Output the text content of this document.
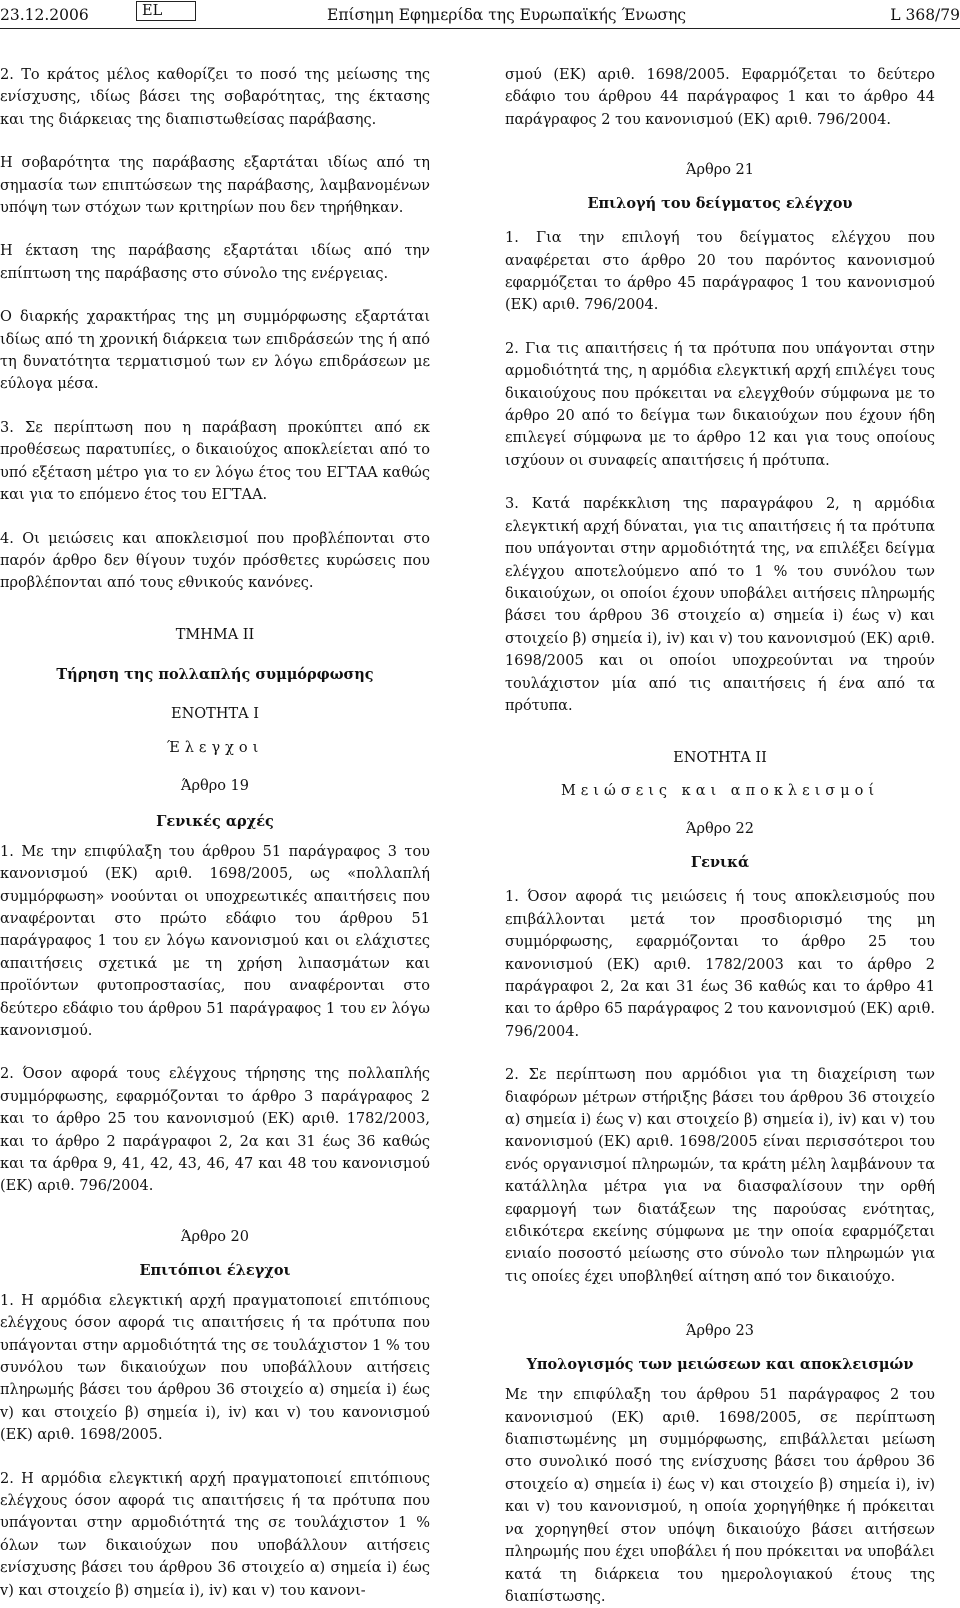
23.12.2006	EL	Επίσημη Εφημερίδα της Ευρωπαϊκής Ένωσης	L 368/79

2. Το κράτος μέλος καθορίζει το ποσό της μείωσης της ενίσχυσης, ιδίως βάσει της σοβαρότητας, της έκτασης και της διάρκειας της διαπιστωθείσας παράβασης.

Η σοβαρότητα της παράβασης εξαρτάται ιδίως από τη σημασία των επιπτώσεων της παράβασης, λαμβανομένων υπόψη των στόχων των κριτηρίων που δεν τηρήθηκαν.

Η έκταση της παράβασης εξαρτάται ιδίως από την επίπτωση της παράβασης στο σύνολο της ενέργειας.

Ο διαρκής χαρακτήρας της μη συμμόρφωσης εξαρτάται ιδίως από τη χρονική διάρκεια των επιδράσεών της ή από τη δυνατότητα τερματισμού των εν λόγω επιδράσεων με εύλογα μέσα.

3. Σε περίπτωση που η παράβαση προκύπτει από εκ προθέσεως παρατυπίες, ο δικαιούχος αποκλείεται από το υπό εξέταση μέτρο για το εν λόγω έτος του ΕΓΤΑΑ καθώς και για το επόμενο έτος του ΕΓΤΑΑ.

4. Οι μειώσεις και αποκλεισμοί που προβλέπονται στο παρόν άρθρο δεν θίγουν τυχόν πρόσθετες κυρώσεις που προβλέπονται από τους εθνικούς κανόνες.

ΤΜΗΜΑ II

Τήρηση της πολλαπλής συμμόρφωσης

ΕΝΟΤΗΤΑ I

Έλεγχοι

Άρθρο 19

Γενικές αρχές

1. Με την επιφύλαξη του άρθρου 51 παράγραφος 3 του κανονισμού (ΕΚ) αριθ. 1698/2005, ως «πολλαπλή συμμόρφωση» νοούνται οι υποχρεωτικές απαιτήσεις που αναφέρονται στο πρώτο εδάφιο του άρθρου 51 παράγραφος 1 του εν λόγω κανονισμού και οι ελάχιστες απαιτήσεις σχετικά με τη χρήση λιπασμάτων και προϊόντων φυτοπροστασίας, που αναφέρονται στο δεύτερο εδάφιο του άρθρου 51 παράγραφος 1 του εν λόγω κανονισμού.

2. Όσον αφορά τους ελέγχους τήρησης της πολλαπλής συμμόρφωσης, εφαρμόζονται το άρθρο 3 παράγραφος 2 και το άρθρο 25 του κανονισμού (ΕΚ) αριθ. 1782/2003, και το άρθρο 2 παράγραφοι 2, 2α και 31 έως 36 καθώς και τα άρθρα 9, 41, 42, 43, 46, 47 και 48 του κανονισμού (ΕΚ) αριθ. 796/2004.

Άρθρο 20

Επιτόπιοι έλεγχοι

1. Η αρμόδια ελεγκτική αρχή πραγματοποιεί επιτόπιους ελέγχους όσον αφορά τις απαιτήσεις ή τα πρότυπα που υπάγονται στην αρμοδιότητά της σε τουλάχιστον 1 % του συνόλου των δικαιούχων που υποβάλλουν αιτήσεις πληρωμής βάσει του άρθρου 36 στοιχείο α) σημεία i) έως v) και στοιχείο β) σημεία i), iv) και v) του κανονισμού (ΕΚ) αριθ. 1698/2005.

2. Η αρμόδια ελεγκτική αρχή πραγματοποιεί επιτόπιους ελέγχους όσον αφορά τις απαιτήσεις ή τα πρότυπα που υπάγονται στην αρμοδιότητά της σε τουλάχιστον 1 % όλων των δικαιούχων που υποβάλλουν αιτήσεις ενίσχυσης βάσει του άρθρου 36 στοιχείο α) σημεία i) έως v) και στοιχείο β) σημεία i), iv) και v) του κανονι-

σμού (ΕΚ) αριθ. 1698/2005. Εφαρμόζεται το δεύτερο εδάφιο του άρθρου 44 παράγραφος 1 και το άρθρο 44 παράγραφος 2 του κανονισμού (ΕΚ) αριθ. 796/2004.

Άρθρο 21

Επιλογή του δείγματος ελέγχου

1. Για την επιλογή του δείγματος ελέγχου που αναφέρεται στο άρθρο 20 του παρόντος κανονισμού εφαρμόζεται το άρθρο 45 παράγραφος 1 του κανονισμού (ΕΚ) αριθ. 796/2004.

2. Για τις απαιτήσεις ή τα πρότυπα που υπάγονται στην αρμοδιότητά της, η αρμόδια ελεγκτική αρχή επιλέγει τους δικαιούχους που πρόκειται να ελεγχθούν σύμφωνα με το άρθρο 20 από το δείγμα των δικαιούχων που έχουν ήδη επιλεγεί σύμφωνα με το άρθρο 12 και για τους οποίους ισχύουν οι συναφείς απαιτήσεις ή πρότυπα.

3. Κατά παρέκκλιση της παραγράφου 2, η αρμόδια ελεγκτική αρχή δύναται, για τις απαιτήσεις ή τα πρότυπα που υπάγονται στην αρμοδιότητά της, να επιλέξει δείγμα ελέγχου αποτελούμενο από το 1 % του συνόλου των δικαιούχων, οι οποίοι έχουν υποβάλει αιτήσεις πληρωμής βάσει του άρθρου 36 στοιχείο α) σημεία i) έως v) και στοιχείο β) σημεία i), iv) και v) του κανονισμού (ΕΚ) αριθ. 1698/2005 και οι οποίοι υποχρεούνται να τηρούν τουλάχιστον μία από τις απαιτήσεις ή ένα από τα πρότυπα.

ΕΝΟΤΗΤΑ II

Μειώσεις και αποκλεισμοί

Άρθρο 22

Γενικά

1. Όσον αφορά τις μειώσεις ή τους αποκλεισμούς που επιβάλλονται μετά τον προσδιορισμό της μη συμμόρφωσης, εφαρμόζονται το άρθρο 25 του κανονισμού (ΕΚ) αριθ. 1782/2003 και το άρθρο 2 παράγραφοι 2, 2α και 31 έως 36 καθώς και το άρθρο 41 και το άρθρο 65 παράγραφος 2 του κανονισμού (ΕΚ) αριθ. 796/2004.

2. Σε περίπτωση που αρμόδιοι για τη διαχείριση των διαφόρων μέτρων στήριξης βάσει του άρθρου 36 στοιχείο α) σημεία i) έως v) και στοιχείο β) σημεία i), iv) και v) του κανονισμού (ΕΚ) αριθ. 1698/2005 είναι περισσότεροι του ενός οργανισμοί πληρωμών, τα κράτη μέλη λαμβάνουν τα κατάλληλα μέτρα για να διασφαλίσουν την ορθή εφαρμογή των διατάξεων της παρούσας ενότητας, ειδικότερα εκείνης σύμφωνα με την οποία εφαρμόζεται ενιαίο ποσοστό μείωσης στο σύνολο των πληρωμών για τις οποίες έχει υποβληθεί αίτηση από τον δικαιούχο.

Άρθρο 23

Υπολογισμός των μειώσεων και αποκλεισμών

Με την επιφύλαξη του άρθρου 51 παράγραφος 2 του κανονισμού (ΕΚ) αριθ. 1698/2005, σε περίπτωση διαπιστωμένης μη συμμόρφωσης, επιβάλλεται μείωση στο συνολικό ποσό της ενίσχυσης βάσει του άρθρου 36 στοιχείο α) σημεία i) έως v) και στοιχείο β) σημεία i), iv) και v) του κανονισμού, η οποία χορηγήθηκε ή πρόκειται να χορηγηθεί στον υπόψη δικαιούχο βάσει αιτήσεων πληρωμής που έχει υποβάλει ή που πρόκειται να υποβάλει κατά τη διάρκεια του ημερολογιακού έτους της διαπίστωσης.
